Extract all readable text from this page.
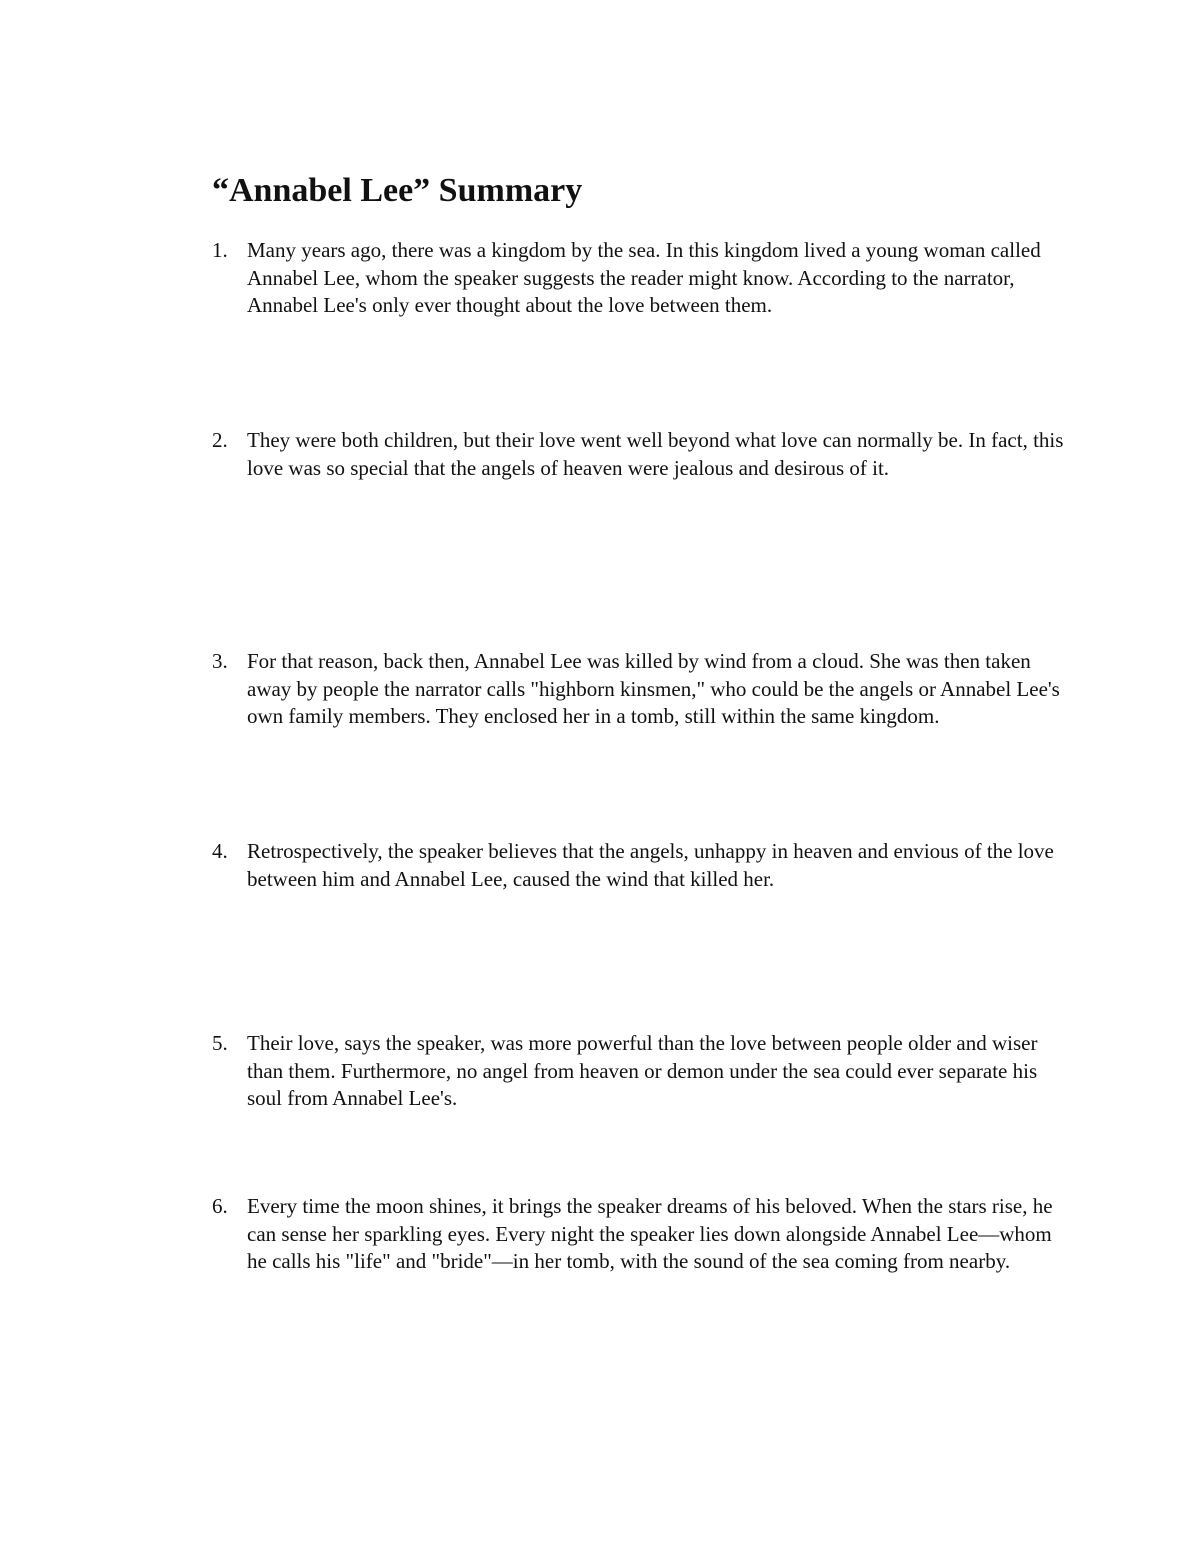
“Annabel Lee” Summary
1. Many years ago, there was a kingdom by the sea. In this kingdom lived a young woman called Annabel Lee, whom the speaker suggests the reader might know. According to the narrator, Annabel Lee's only ever thought about the love between them.
2. They were both children, but their love went well beyond what love can normally be. In fact, this love was so special that the angels of heaven were jealous and desirous of it.
3. For that reason, back then, Annabel Lee was killed by wind from a cloud. She was then taken away by people the narrator calls "highborn kinsmen," who could be the angels or Annabel Lee's own family members. They enclosed her in a tomb, still within the same kingdom.
4. Retrospectively, the speaker believes that the angels, unhappy in heaven and envious of the love between him and Annabel Lee, caused the wind that killed her.
5. Their love, says the speaker, was more powerful than the love between people older and wiser than them. Furthermore, no angel from heaven or demon under the sea could ever separate his soul from Annabel Lee's.
6. Every time the moon shines, it brings the speaker dreams of his beloved. When the stars rise, he can sense her sparkling eyes. Every night the speaker lies down alongside Annabel Lee—whom he calls his "life" and "bride"—in her tomb, with the sound of the sea coming from nearby.
